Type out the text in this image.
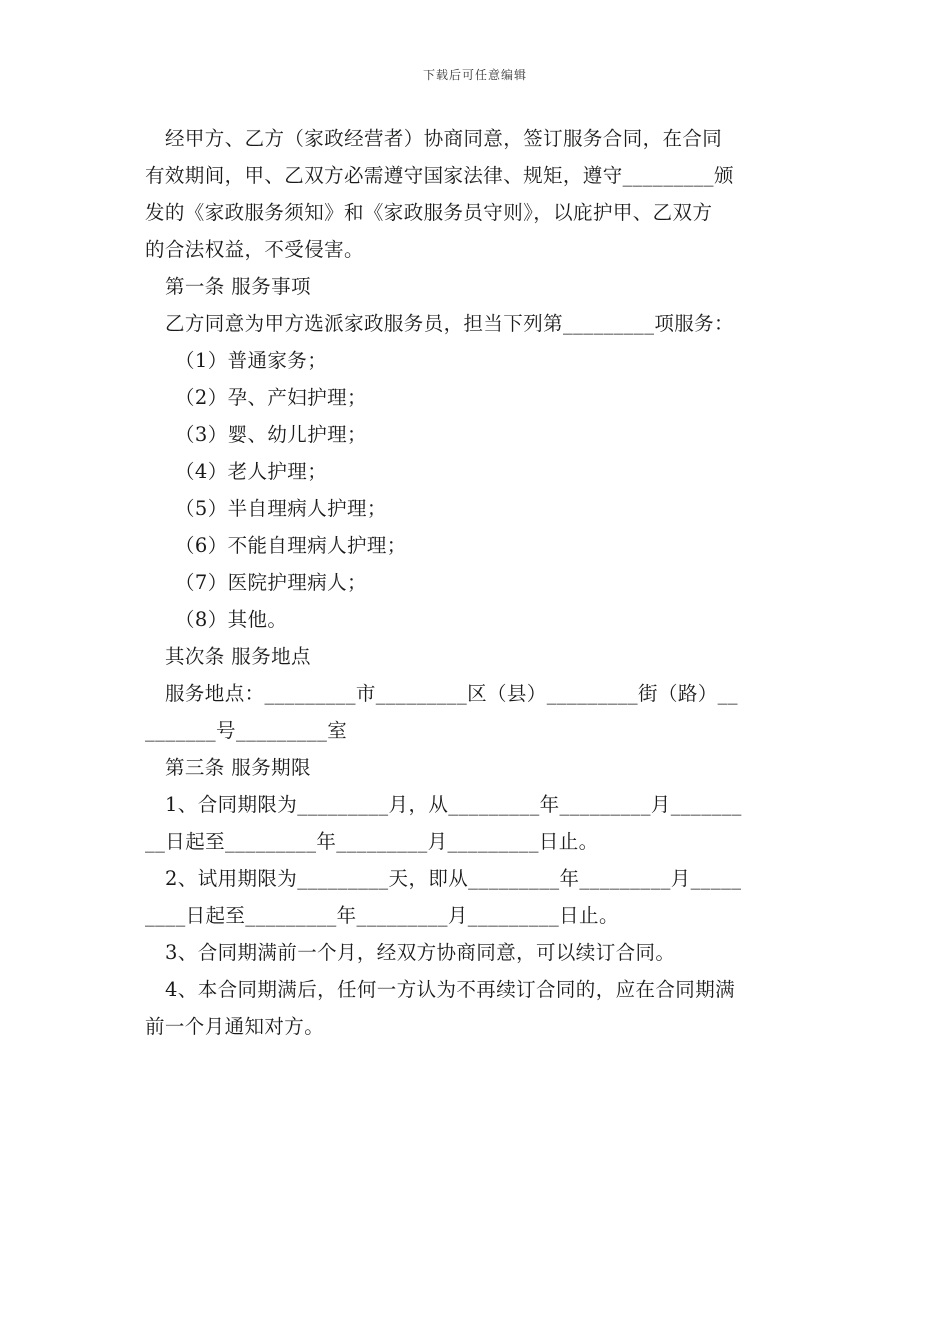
下载后可任意编辑
经甲方、乙方（家政经营者）协商同意，签订服务合同，在合同
有效期间，甲、乙双方必需遵守国家法律、规矩，遵守_________颁
发的《家政服务须知》和《家政服务员守则》，以庇护甲、乙双方
的合法权益，不受侵害。
第一条 服务事项
乙方同意为甲方选派家政服务员，担当下列第_________项服务：
（1）普通家务；
（2）孕、产妇护理；
（3）婴、幼儿护理；
（4）老人护理；
（5）半自理病人护理；
（6）不能自理病人护理；
（7）医院护理病人；
（8）其他。
其次条 服务地点
服务地点：_________市_________区（县）_________街（路）__
_______号_________室
第三条 服务期限
1、合同期限为_________月，从_________年_________月_______
__日起至_________年_________月_________日止。
2、试用期限为_________天，即从_________年_________月_____
____日起至_________年_________月_________日止。
3、合同期满前一个月，经双方协商同意，可以续订合同。
4、本合同期满后，任何一方认为不再续订合同的，应在合同期满
前一个月通知对方。
